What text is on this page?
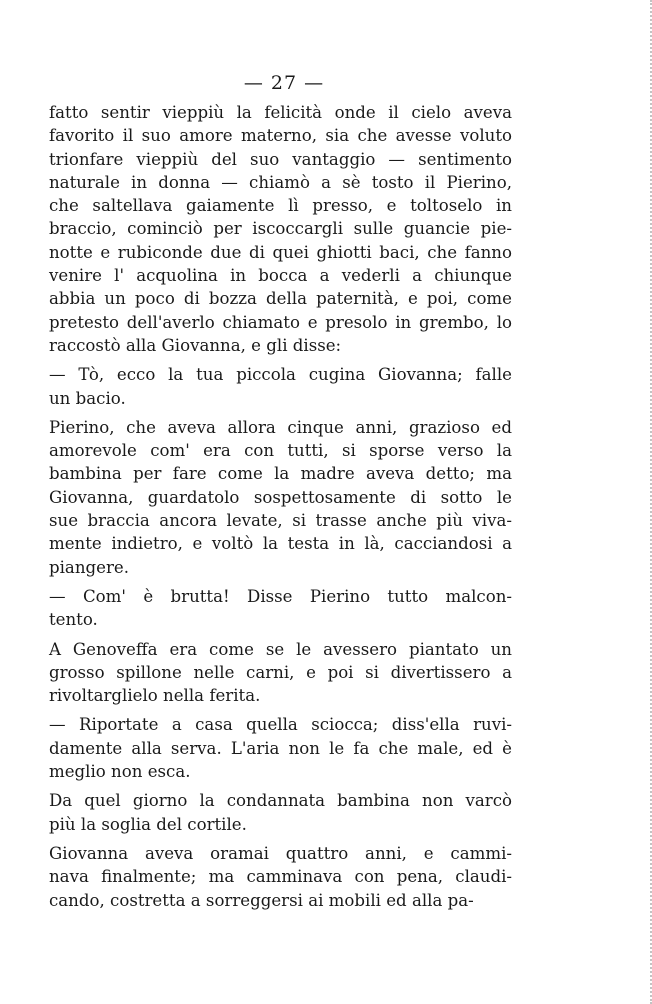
— 27 —
fatto sentir vieppiù la felicità onde il cielo aveva
favorito il suo amore materno, sia che avesse voluto
trionfare vieppiù del suo vantaggio — sentimento
naturale in donna — chiamò a sè tosto il Pierino,
che saltellava gaiamente lì presso, e toltoselo in
braccio, cominciò per iscoccargli sulle guancie pie-
notte e rubiconde due di quei ghiotti baci, che fanno
venire l' acquolina in bocca a vederli a chiunque
abbia un poco di bozza della paternità, e poi, come
pretesto dell'averlo chiamato e presolo in grembo, lo
raccostò alla Giovanna, e gli disse:
— Tò, ecco la tua piccola cugina Giovanna; falle
un bacio.
Pierino, che aveva allora cinque anni, grazioso ed
amorevole com' era con tutti, si sporse verso la
bambina per fare come la madre aveva detto; ma
Giovanna, guardatolo sospettosamente di sotto le
sue braccia ancora levate, si trasse anche più viva-
mente indietro, e voltò la testa in là, cacciandosi a
piangere.
— Com' è brutta! Disse Pierino tutto malcon-
tento.
A Genoveffa era come se le avessero piantato un
grosso spillone nelle carni, e poi si divertissero a
rivoltarglielo nella ferita.
— Riportate a casa quella sciocca; diss'ella ruvi-
damente alla serva. L'aria non le fa che male, ed è
meglio non esca.
Da quel giorno la condannata bambina non varcò
più la soglia del cortile.
Giovanna aveva oramai quattro anni, e cammi-
nava finalmente; ma camminava con pena, claudi-
cando, costretta a sorreggersi ai mobili ed alla pa-
